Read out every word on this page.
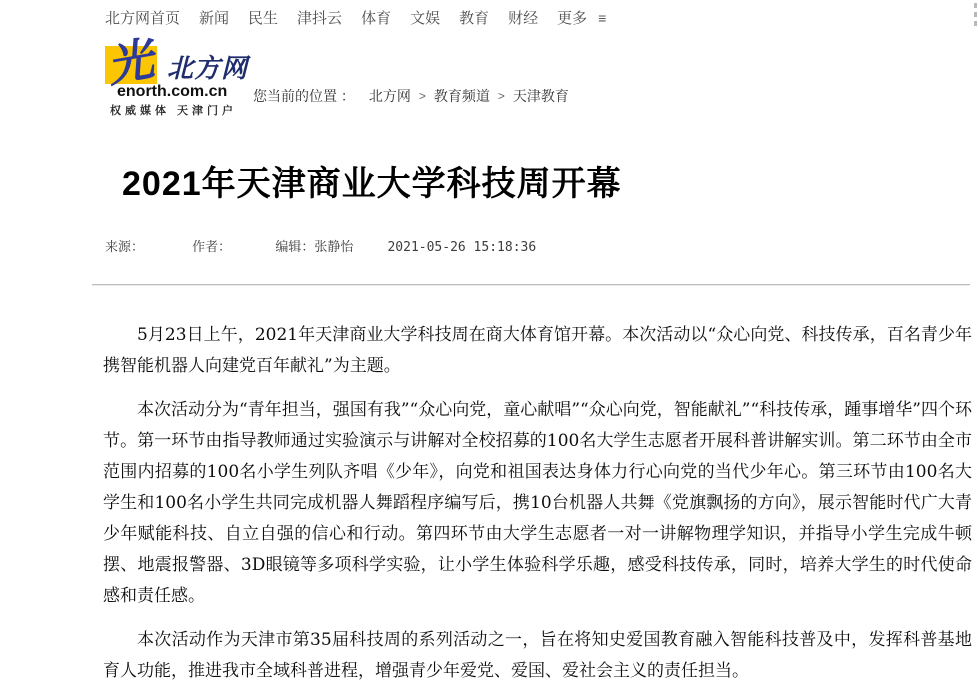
北方网首页 新闻 民生 津抖云 体育 文娱 教育 财经 更多 ≡
光 北方网
enorth.com.cn
权威媒体 天津门户
您当前的位置 ： 北方网 > 教育频道 > 天津教育
2021年天津商业大学科技周开幕
来源：	作者：	编辑：张静怡	2021-05-26 15:18:36

5月23日上午，2021年天津商业大学科技周在商大体育馆开幕。本次活动以“众心向党、科技传承，百名青少年携智能机器人向建党百年献礼”为主题。

本次活动分为“青年担当，强国有我”“众心向党，童心献唱”“众心向党，智能献礼”“科技传承，踵事增华”四个环节。第一环节由指导教师通过实验演示与讲解对全校招募的100名大学生志愿者开展科普讲解实训。第二环节由全市范围内招募的100名小学生列队齐唱《少年》，向党和祖国表达身体力行心向党的当代少年心。第三环节由100名大学生和100名小学生共同完成机器人舞蹈程序编写后，携10台机器人共舞《党旗飘扬的方向》，展示智能时代广大青少年赋能科技、自立自强的信心和行动。第四环节由大学生志愿者一对一讲解物理学知识，并指导小学生完成牛顿摆、地震报警器、3D眼镜等多项科学实验，让小学生体验科学乐趣，感受科技传承，同时，培养大学生的时代使命感和责任感。

本次活动作为天津市第35届科技周的系列活动之一，旨在将知史爱国教育融入智能科技普及中，发挥科普基地育人功能，推进我市全域科普进程，增强青少年爱党、爱国、爱社会主义的责任担当。
